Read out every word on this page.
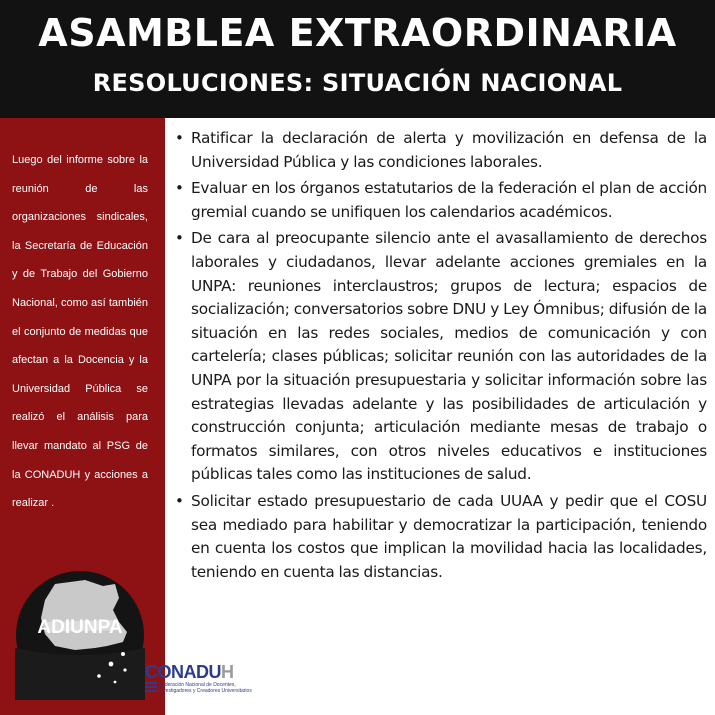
ASAMBLEA EXTRAORDINARIA
RESOLUCIONES: SITUACIÓN NACIONAL

Luego del informe sobre la reunión de las organizaciones sindicales, la Secretaría de Educación y de Trabajo del Gobierno Nacional, como así también el conjunto de medidas que afectan a la Docencia y la Universidad Pública se realizó el análisis para llevar mandato al PSG de la CONADUH y acciones a realizar .

ADIUNPA
• Ratificar la declaración de alerta y movilización en defensa de la Universidad Pública y las condiciones laborales.
• Evaluar en los órganos estatutarios de la federación el plan de acción gremial cuando se unifiquen los calendarios académicos.
• De cara al preocupante silencio ante el avasallamiento de derechos laborales y ciudadanos, llevar adelante acciones gremiales en la UNPA: reuniones interclaustros; grupos de lectura; espacios de socialización; conversatorios sobre DNU y Ley Ómnibus; difusión de la situación en las redes sociales, medios de comunicación y con cartelería; clases públicas; solicitar reunión con las autoridades de la UNPA por la situación presupuestaria y solicitar información sobre las estrategias llevadas adelante y las posibilidades de articulación y construcción conjunta; articulación mediante mesas de trabajo o formatos similares, con otros niveles educativos e instituciones públicas tales como las instituciones de salud.
• Solicitar estado presupuestario de cada UUAA y pedir que el COSU sea mediado para habilitar y democratizar la participación, teniendo en cuenta los costos que implican la movilidad hacia las localidades, teniendo en cuenta las distancias.
CONADUH
Federación Nacional de Docentes, Investigadores y Creadores Universitarios
